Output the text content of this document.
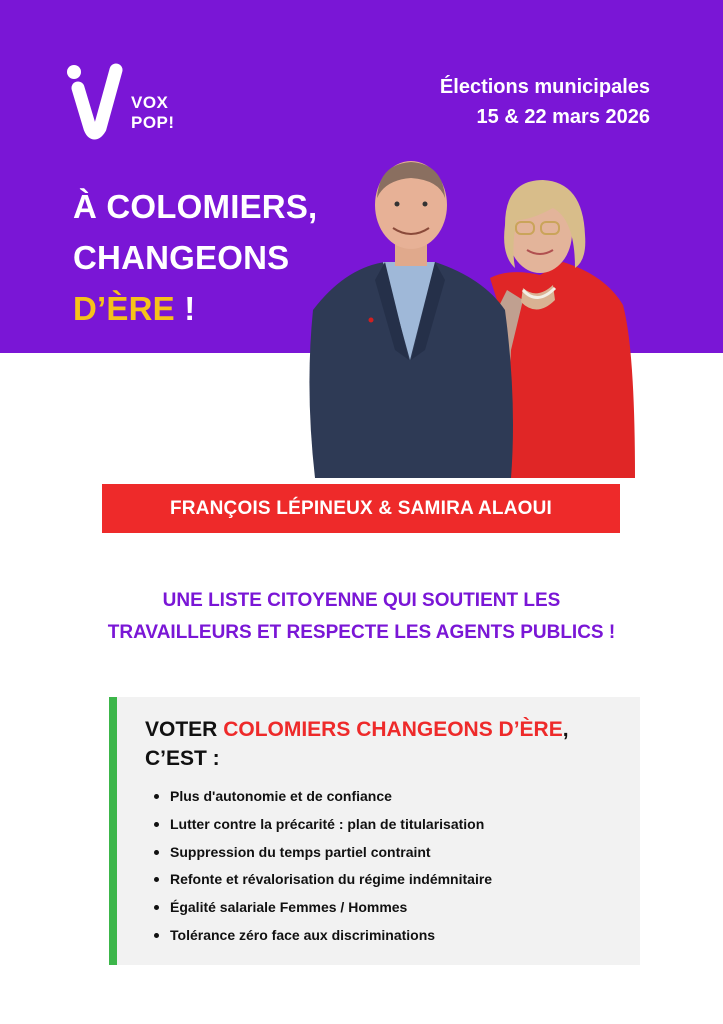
VOX
POP!
Élections municipales
15 & 22 mars 2026
À COLOMIERS,
CHANGEONS
D’ÈRE !
FRANÇOIS LÉPINEUX & SAMIRA ALAOUI
UNE LISTE CITOYENNE QUI SOUTIENT LES
TRAVAILLEURS ET RESPECTE LES AGENTS PUBLICS !
VOTER COLOMIERS CHANGEONS D’ÈRE,
C’EST :
Plus d'autonomie et de confiance
Lutter contre la précarité : plan de titularisation
Suppression du temps partiel contraint
Refonte et révalorisation du régime indémnitaire
Égalité salariale Femmes / Hommes
Tolérance zéro face aux discriminations
